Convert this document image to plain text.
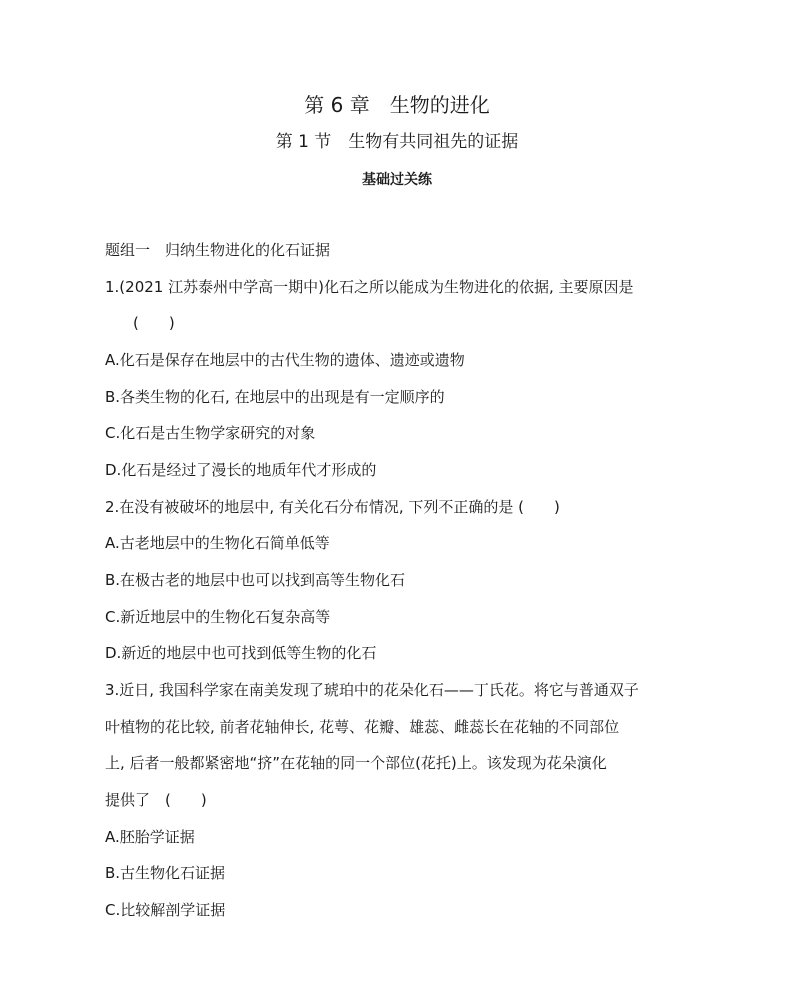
第 6 章　生物的进化
第 1 节　生物有共同祖先的证据
基础过关练
题组一　归纳生物进化的化石证据
1.(2021 江苏泰州中学高一期中)化石之所以能成为生物进化的依据, 主要原因是
(　　)
A.化石是保存在地层中的古代生物的遗体、遗迹或遗物
B.各类生物的化石, 在地层中的出现是有一定顺序的
C.化石是古生物学家研究的对象
D.化石是经过了漫长的地质年代才形成的
2.在没有被破坏的地层中, 有关化石分布情况, 下列不正确的是 (　　)
A.古老地层中的生物化石简单低等
B.在极古老的地层中也可以找到高等生物化石
C.新近地层中的生物化石复杂高等
D.新近的地层中也可找到低等生物的化石
3.近日, 我国科学家在南美发现了琥珀中的花朵化石——丁氏花。将它与普通双子
叶植物的花比较, 前者花轴伸长, 花萼、花瓣、雄蕊、雌蕊长在花轴的不同部位
上, 后者一般都紧密地“挤”在花轴的同一个部位(花托)上。该发现为花朵演化
提供了　(　　)
A.胚胎学证据
B.古生物化石证据
C.比较解剖学证据
